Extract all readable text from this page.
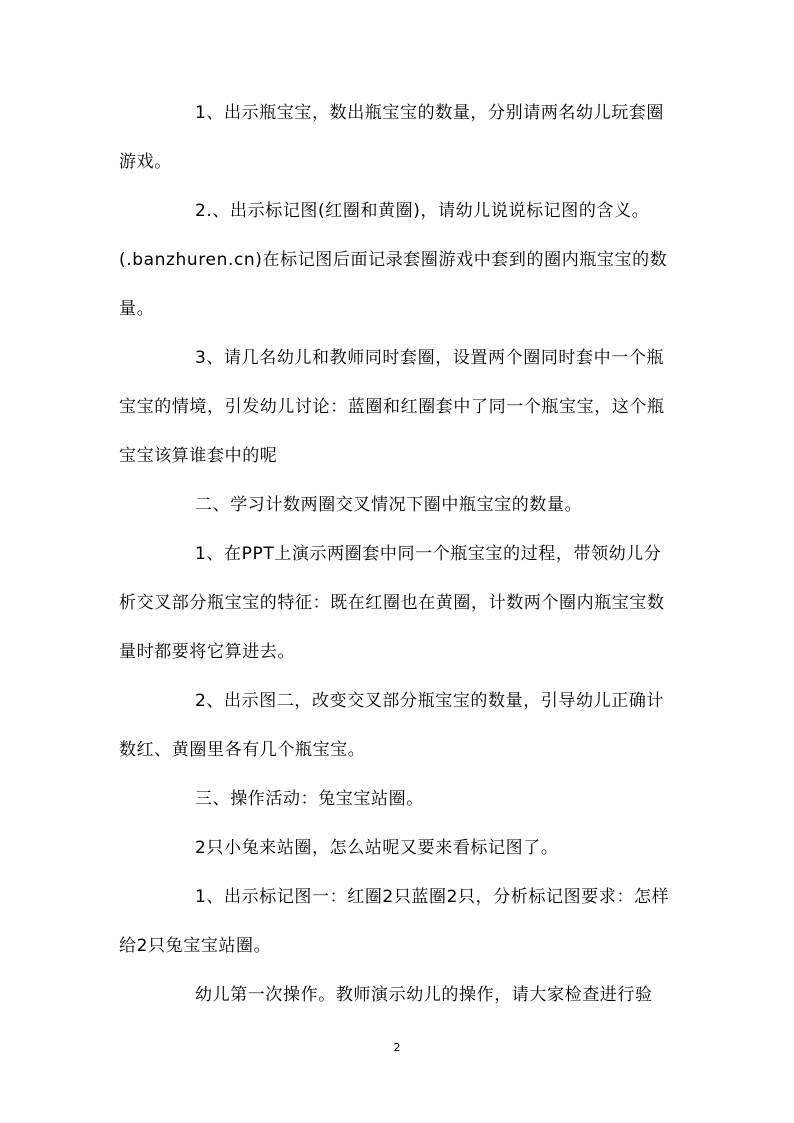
1、出示瓶宝宝，数出瓶宝宝的数量，分别请两名幼儿玩套圈游戏。

2.、出示标记图(红圈和黄圈)，请幼儿说说标记图的含义。

(.banzhuren.cn)在标记图后面记录套圈游戏中套到的圈内瓶宝宝的数量。

3、请几名幼儿和教师同时套圈，设置两个圈同时套中一个瓶宝宝的情境，引发幼儿讨论：蓝圈和红圈套中了同一个瓶宝宝，这个瓶宝宝该算谁套中的呢

二、学习计数两圈交叉情况下圈中瓶宝宝的数量。

1、在PPT上演示两圈套中同一个瓶宝宝的过程，带领幼儿分析交叉部分瓶宝宝的特征：既在红圈也在黄圈，计数两个圈内瓶宝宝数量时都要将它算进去。

2、出示图二，改变交叉部分瓶宝宝的数量，引导幼儿正确计数红、黄圈里各有几个瓶宝宝。

三、操作活动：兔宝宝站圈。

2只小兔来站圈，怎么站呢又要来看标记图了。

1、出示标记图一：红圈2只蓝圈2只，分析标记图要求：怎样给2只兔宝宝站圈。

幼儿第一次操作。教师演示幼儿的操作，请大家检查进行验

2
